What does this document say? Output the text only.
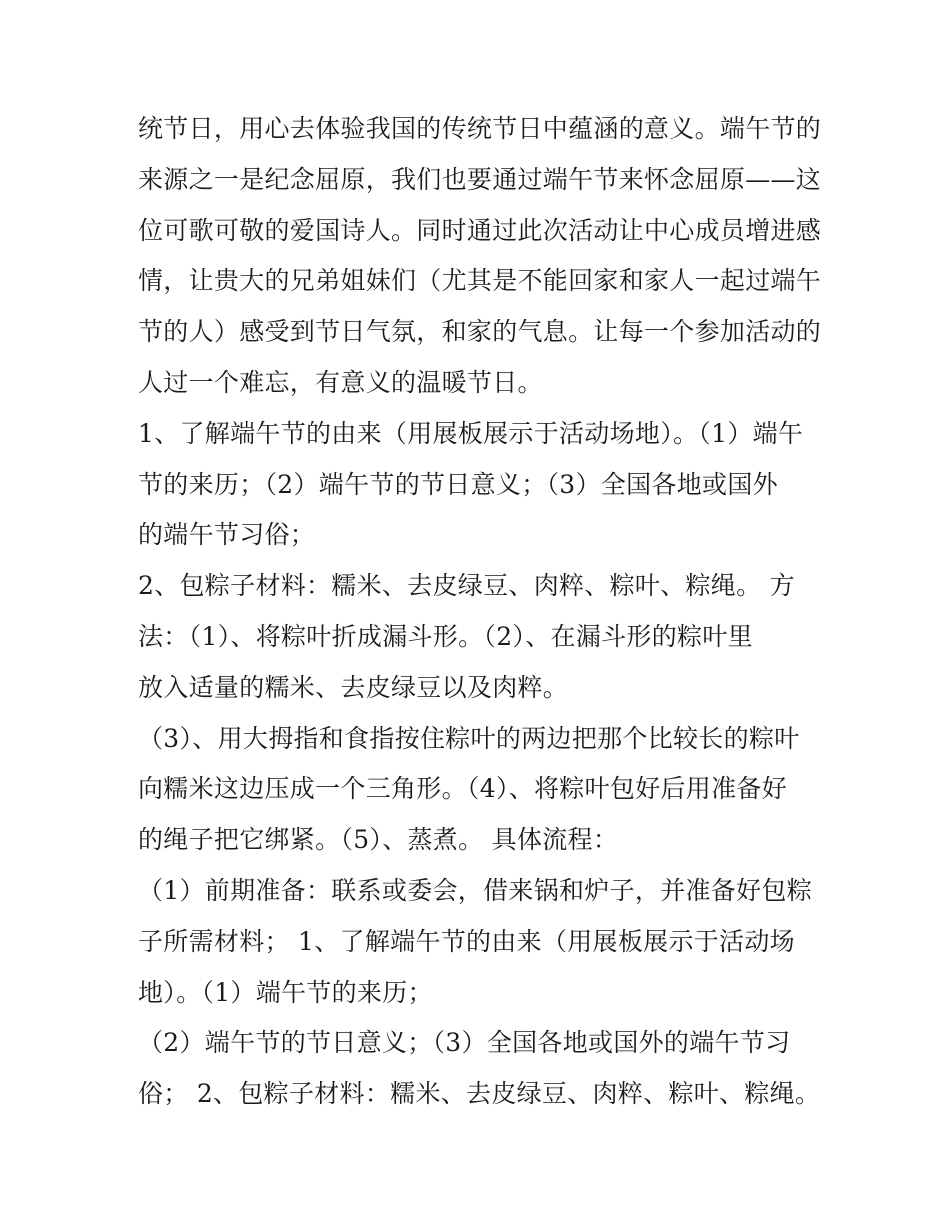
统节日，用心去体验我国的传统节日中蕴涵的意义。端午节的
来源之一是纪念屈原，我们也要通过端午节来怀念屈原——这
位可歌可敬的爱国诗人。同时通过此次活动让中心成员增进感
情，让贵大的兄弟姐妹们（尤其是不能回家和家人一起过端午
节的人）感受到节日气氛，和家的气息。让每一个参加活动的
人过一个难忘，有意义的温暖节日。
1、了解端午节的由来（用展板展示于活动场地）。（1）端午
节的来历；（2）端午节的节日意义；（3）全国各地或国外
的端午节习俗；
2、包粽子材料：糯米、去皮绿豆、肉粹、粽叶、粽绳。 方
法：（1）、将粽叶折成漏斗形。（2）、在漏斗形的粽叶里
放入适量的糯米、去皮绿豆以及肉粹。
（3）、用大拇指和食指按住粽叶的两边把那个比较长的粽叶
向糯米这边压成一个三角形。（4）、将粽叶包好后用准备好
的绳子把它绑紧。（5）、蒸煮。 具体流程：
（1）前期准备：联系或委会，借来锅和炉子，并准备好包粽
子所需材料； 1、了解端午节的由来（用展板展示于活动场
地）。（1）端午节的来历；
（2）端午节的节日意义；（3）全国各地或国外的端午节习
俗； 2、包粽子材料：糯米、去皮绿豆、肉粹、粽叶、粽绳。
